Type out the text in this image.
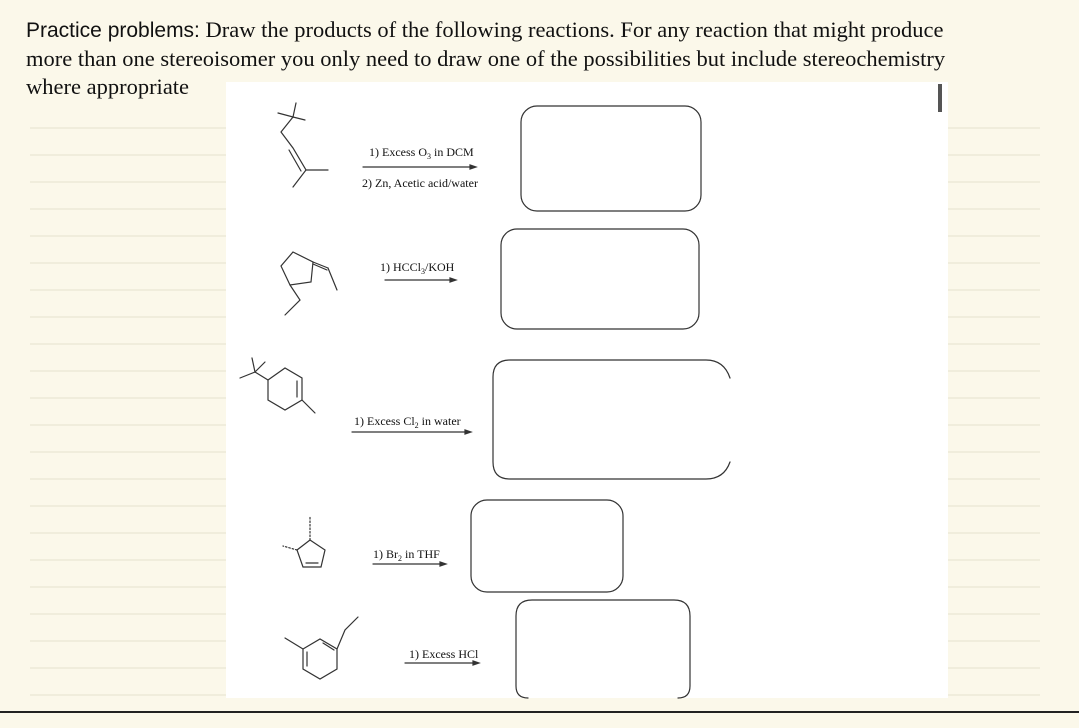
Practice problems: Draw the products of the following reactions. For any reaction that might produce
more than one stereoisomer you only need to draw one of the possibilities but include stereochemistry
where appropriate
1) Excess $O_3$ in DCM
2) Zn, Acetic acid/water
1) HCCl$_3$/KOH
1) Excess $Cl_2$ in water
1) $Br_2$ in THF
1) Excess HCl
